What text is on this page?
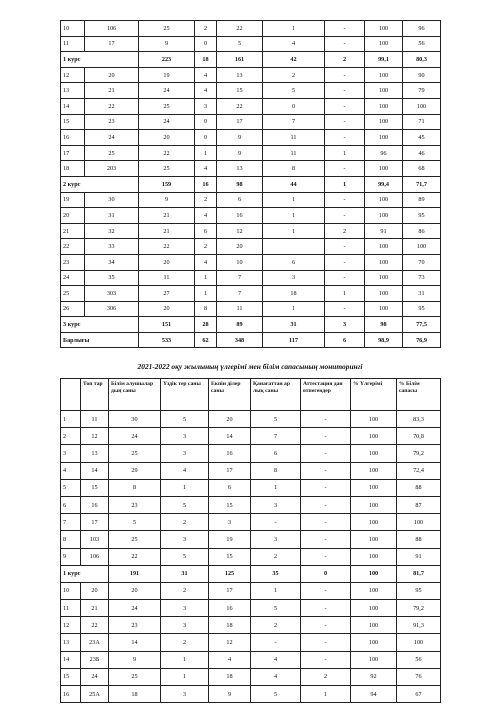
10	106	25	2	22	1	-	100	96
11	17	9	0	5	4	-	100	56
1 курс		223	18	161	42	2	99,1	80,3
12	20	19	4	13	2	-	100	90
13	21	24	4	15	5	-	100	79
14	22	25	3	22	0	-	100	100
15	23	24	0	17	7	-	100	71
16	24	20	0	9	11	-	100	45
17	25	22	1	9	11	1	96	46
18	203	25	4	13	8	-	100	68
2 курс		159	16	98	44	1	99,4	71,7
19	30	9	2	6	1	-	100	89
20	31	21	4	16	1	-	100	95
21	32	21	6	12	1	2	91	86
22	33	22	2	20		-	100	100
23	34	20	4	10	6	-	100	70
24	35	11	1	7	3	-	100	73
25	303	27	1	7	18	1	100	31
26	306	20	8	11	1	-	100	95
3 курс		151	28	89	31	3	98	77,5
Барлығы		533	62	348	117	6	98,9	76,9
2021-2022 оқу жылының үлгерімі мен білім сапасының мониторингі
	Топ тар	Білім алушылар дың саны	Үздік тер саны	Екпін ділер саны	Қанағаттан ар лық саны	Аттестация дан өтпегендер	% Үлгерімі	% Білім сапасы
1	11	30	5	20	5	-	100	83,3
2	12	24	3	14	7	-	100	70,8
3	13	25	3	16	6	-	100	79,2
4	14	29	4	17	8	-	100	72,4
5	15	8	1	6	1	-	100	88
6	16	23	5	15	3	-	100	87
7	17	5	2	3	-	-	100	100
8	103	25	3	19	3	-	100	88
9	106	22	5	15	2	-	100	91
1 курс		191	31	125	35	0	100	81,7
10	20	20	2	17	1	-	100	95
11	21	24	3	16	5	-	100	79,2
12	22	23	3	18	2	-	100	91,3
13	23А	14	2	12	-	-	100	100
14	23Б	9	1	4	4	-	100	56
15	24	25	1	18	4	2	92	76
16	25А	18	3	9	5	1	94	67
